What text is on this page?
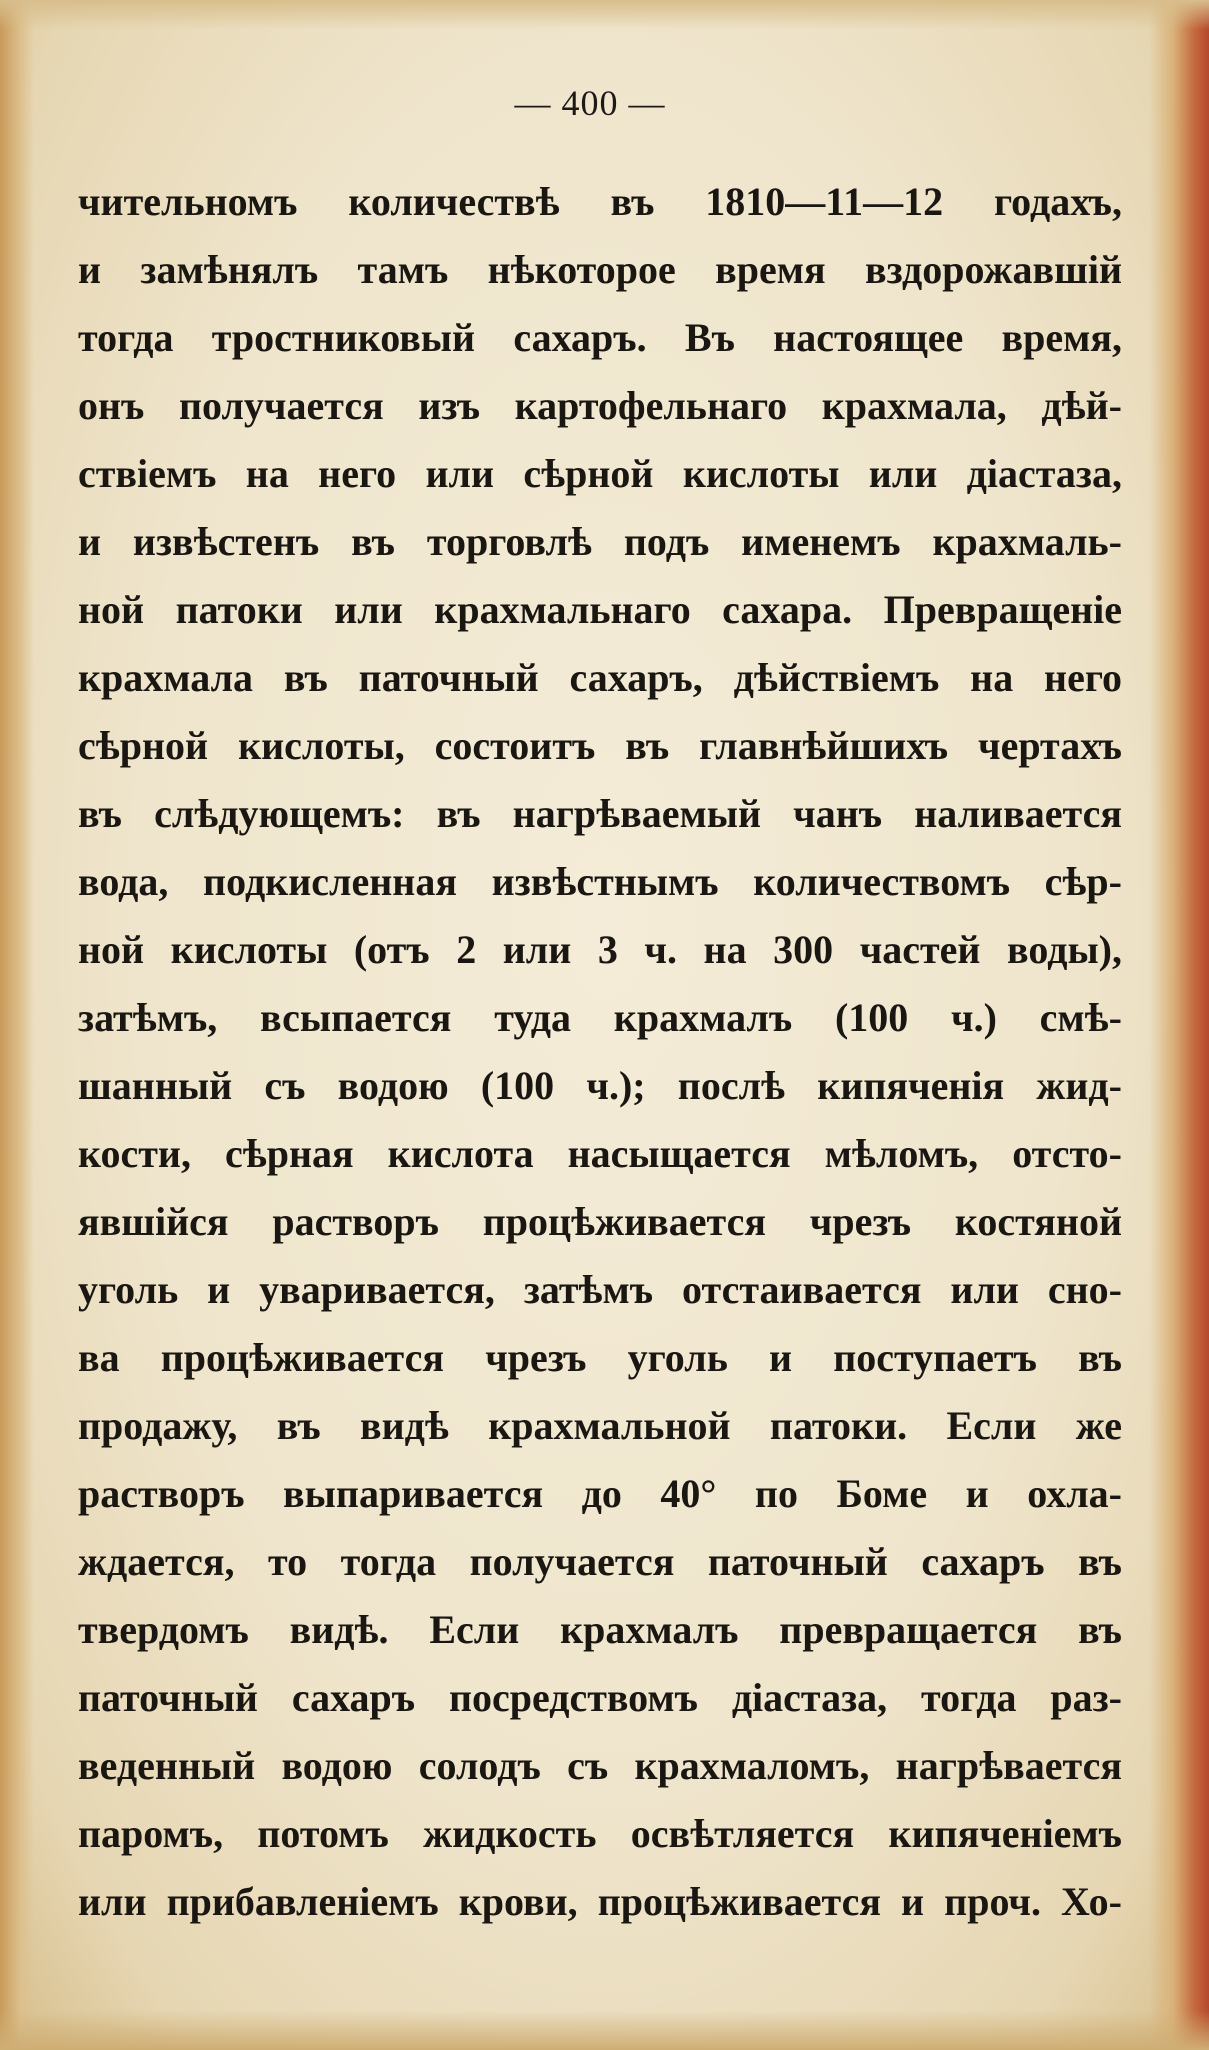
— 400 —
чительномъ количествѣ въ 1810—11—12 годахъ,
и замѣнялъ тамъ нѣкоторое время вздорожавшій
тогда тростниковый сахаръ. Въ настоящее время,
онъ получается изъ картофельнаго крахмала, дѣй-
ствіемъ на него или сѣрной кислоты или діастаза,
и извѣстенъ въ торговлѣ подъ именемъ крахмаль-
ной патоки или крахмальнаго сахара. Превращеніе
крахмала въ паточный сахаръ, дѣйствіемъ на него
сѣрной кислоты, состоитъ въ главнѣйшихъ чертахъ
въ слѣдующемъ: въ нагрѣваемый чанъ наливается
вода, подкисленная извѣстнымъ количествомъ сѣр-
ной кислоты (отъ 2 или 3 ч. на 300 частей воды),
затѣмъ, всыпается туда крахмалъ (100 ч.) смѣ-
шанный съ водою (100 ч.); послѣ кипяченія жид-
кости, сѣрная кислота насыщается мѣломъ, отсто-
явшійся растворъ процѣживается чрезъ костяной
уголь и уваривается, затѣмъ отстаивается или сно-
ва процѣживается чрезъ уголь и поступаетъ въ
продажу, въ видѣ крахмальной патоки. Если же
растворъ выпаривается до 40° по Боме и охла-
ждается, то тогда получается паточный сахаръ въ
твердомъ видѣ. Если крахмалъ превращается въ
паточный сахаръ посредствомъ діастаза, тогда раз-
веденный водою солодъ съ крахмаломъ, нагрѣвается
паромъ, потомъ жидкость освѣтляется кипяченіемъ
или прибавленіемъ крови, процѣживается и проч. Хо-
